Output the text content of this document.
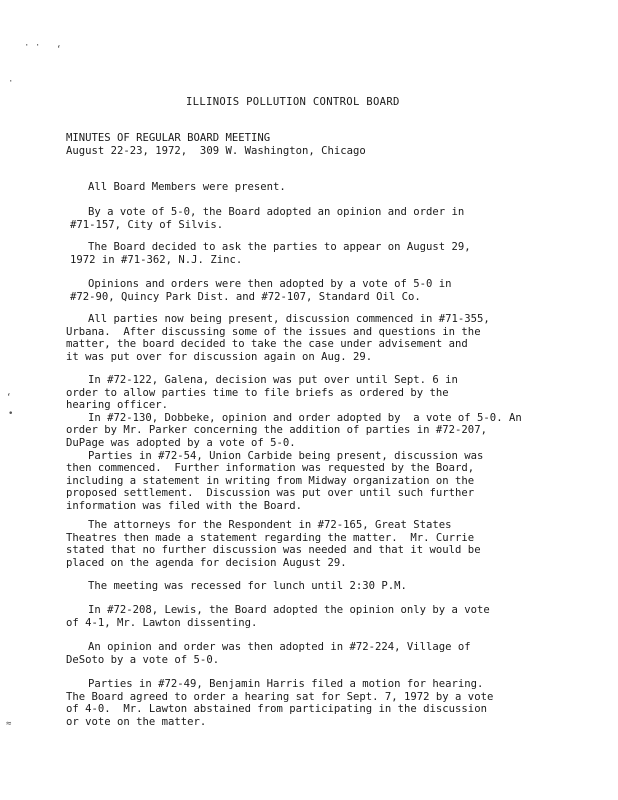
· · ‘
·
‘
•
≈
ILLINOIS POLLUTION CONTROL BOARD
MINUTES OF REGULAR BOARD MEETING
August 22-23, 1972,  309 W. Washington, Chicago
All Board Members were present.
By a vote of 5-0, the Board adopted an opinion and order in
#71-157, City of Silvis.
The Board decided to ask the parties to appear on August 29,
1972 in #71-362, N.J. Zinc.
Opinions and orders were then adopted by a vote of 5-0 in
#72-90, Quincy Park Dist. and #72-107, Standard Oil Co.
All parties now being present, discussion commenced in #71-355,
Urbana.  After discussing some of the issues and questions in the
matter, the board decided to take the case under advisement and
it was put over for discussion again on Aug. 29.
In #72-122, Galena, decision was put over until Sept. 6 in
order to allow parties time to file briefs as ordered by the
hearing officer.
In #72-130, Dobbeke, opinion and order adopted by  a vote of 5-0. An
order by Mr. Parker concerning the addition of parties in #72-207,
DuPage was adopted by a vote of 5-0.
Parties in #72-54, Union Carbide being present, discussion was
then commenced.  Further information was requested by the Board,
including a statement in writing from Midway organization on the
proposed settlement.  Discussion was put over until such further
information was filed with the Board.
The attorneys for the Respondent in #72-165, Great States
Theatres then made a statement regarding the matter.  Mr. Currie
stated that no further discussion was needed and that it would be
placed on the agenda for decision August 29.
The meeting was recessed for lunch until 2:30 P.M.
In #72-208, Lewis, the Board adopted the opinion only by a vote
of 4-1, Mr. Lawton dissenting.
An opinion and order was then adopted in #72-224, Village of
DeSoto by a vote of 5-0.
Parties in #72-49, Benjamin Harris filed a motion for hearing.
The Board agreed to order a hearing sat for Sept. 7, 1972 by a vote
of 4-0.  Mr. Lawton abstained from participating in the discussion
or vote on the matter.
